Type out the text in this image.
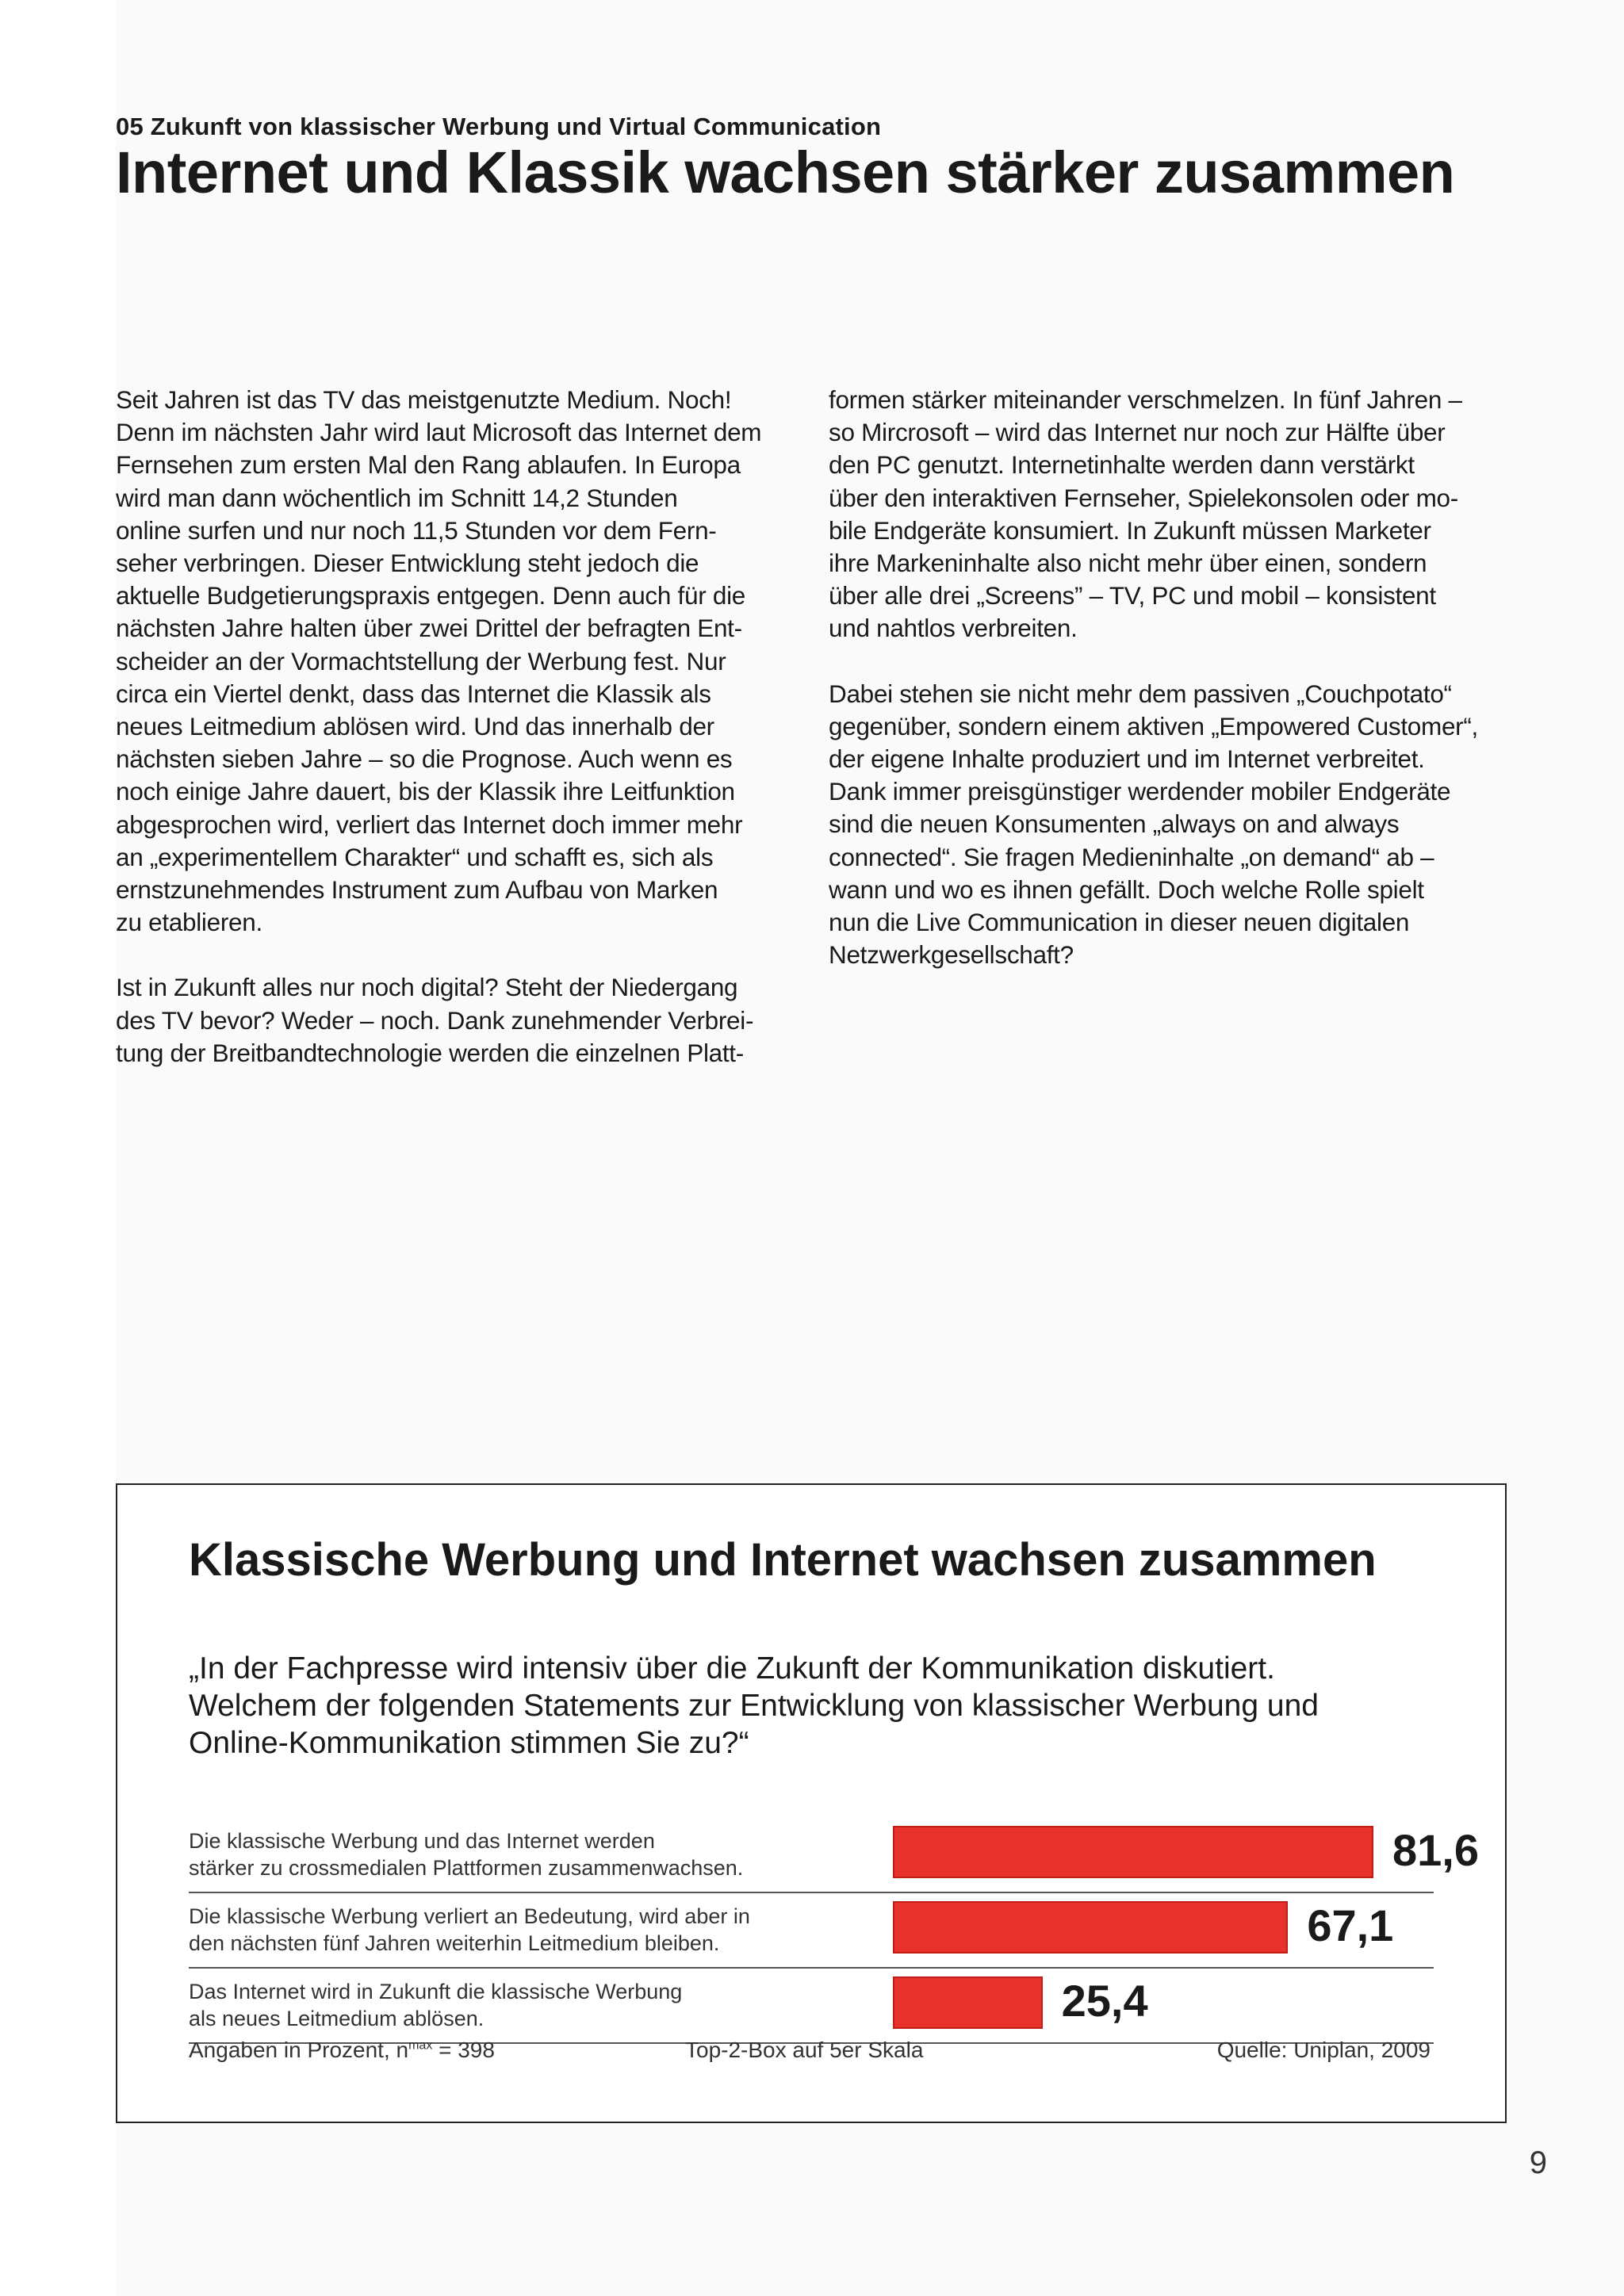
05 Zukunft von klassischer Werbung und Virtual Communication
Internet und Klassik wachsen stärker zusammen

Seit Jahren ist das TV das meistgenutzte Medium. Noch!
Denn im nächsten Jahr wird laut Microsoft das Internet dem
Fernsehen zum ersten Mal den Rang ablaufen. In Europa
wird man dann wöchentlich im Schnitt 14,2 Stunden
online surfen und nur noch 11,5 Stunden vor dem Fern-
seher verbringen. Dieser Entwicklung steht jedoch die
aktuelle Budgetierungspraxis entgegen. Denn auch für die
nächsten Jahre halten über zwei Drittel der befragten Ent-
scheider an der Vormachtstellung der Werbung fest. Nur
circa ein Viertel denkt, dass das Internet die Klassik als
neues Leitmedium ablösen wird. Und das innerhalb der
nächsten sieben Jahre – so die Prognose. Auch wenn es
noch einige Jahre dauert, bis der Klassik ihre Leitfunktion
abgesprochen wird, verliert das Internet doch immer mehr
an „experimentellem Charakter“ und schafft es, sich als
ernstzunehmendes Instrument zum Aufbau von Marken
zu etablieren.

Ist in Zukunft alles nur noch digital? Steht der Niedergang
des TV bevor? Weder – noch. Dank zunehmender Verbrei-
tung der Breitbandtechnologie werden die einzelnen Platt-

formen stärker miteinander verschmelzen. In fünf Jahren –
so Mircrosoft – wird das Internet nur noch zur Hälfte über
den PC genutzt. Internetinhalte werden dann verstärkt
über den interaktiven Fernseher, Spielekonsolen oder mo-
bile Endgeräte konsumiert. In Zukunft müssen Marketer
ihre Markeninhalte also nicht mehr über einen, sondern
über alle drei „Screens” – TV, PC und mobil – konsistent
und nahtlos verbreiten.

Dabei stehen sie nicht mehr dem passiven „Couchpotato“
gegenüber, sondern einem aktiven „Empowered Customer“,
der eigene Inhalte produziert und im Internet verbreitet.
Dank immer preisgünstiger werdender mobiler Endgeräte
sind die neuen Konsumenten „always on and always
connected“. Sie fragen Medieninhalte „on demand“ ab –
wann und wo es ihnen gefällt. Doch welche Rolle spielt
nun die Live Communication in dieser neuen digitalen
Netzwerkgesellschaft?

Klassische Werbung und Internet wachsen zusammen
„In der Fachpresse wird intensiv über die Zukunft der Kommunikation diskutiert.
Welchem der folgenden Statements zur Entwicklung von klassischer Werbung und
Online-Kommunikation stimmen Sie zu?“
Die klassische Werbung und das Internet werden
stärker zu crossmedialen Plattformen zusammenwachsen.	81,6
Die klassische Werbung verliert an Bedeutung, wird aber in
den nächsten fünf Jahren weiterhin Leitmedium bleiben.	67,1
Das Internet wird in Zukunft die klassische Werbung
als neues Leitmedium ablösen.	25,4
Angaben in Prozent, $n^{max} = 398$	Top-2-Box auf 5er Skala	Quelle: Uniplan, 2009
9
